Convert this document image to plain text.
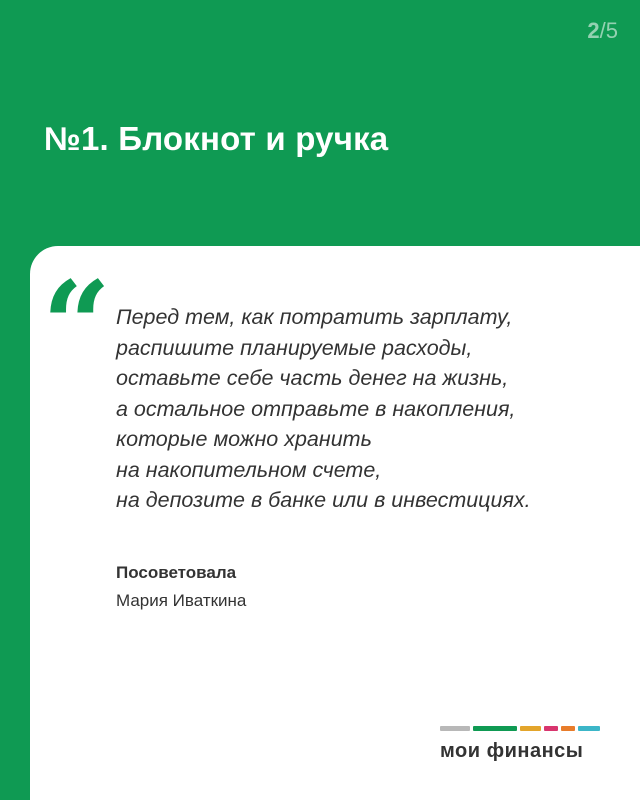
2/5
№1. Блокнот и ручка
“ Перед тем, как потратить зарплату,
распишите планируемые расходы,
оставьте себе часть денег на жизнь,
а остальное отправьте в накопления,
которые можно хранить
на накопительном счете,
на депозите в банке или в инвестициях.
Посоветовала
Мария Иваткина
мои финансы
